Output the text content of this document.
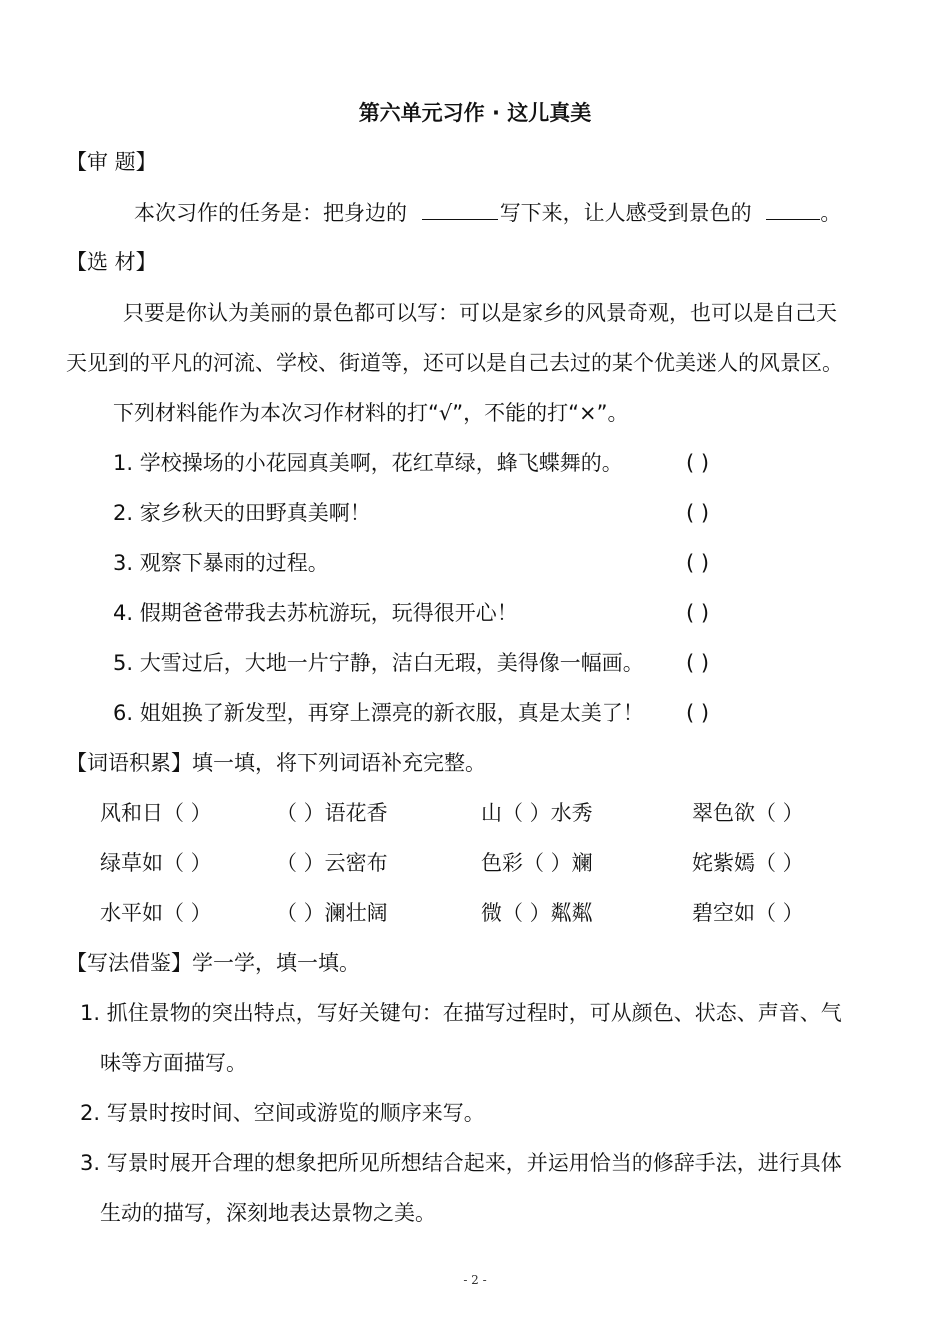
第六单元习作 · 这儿真美
【审 题】
本次习作的任务是：把身边的	写下来，让人感受到景色的	。
【选 材】
只要是你认为美丽的景色都可以写：可以是家乡的风景奇观，也可以是自己天
天见到的平凡的河流、学校、街道等，还可以是自己去过的某个优美迷人的风景区。
下列材料能作为本次习作材料的打“√”，不能的打“×”。
1. 学校操场的小花园真美啊，花红草绿，蜂飞蝶舞的。	( )
2. 家乡秋天的田野真美啊！	( )
3. 观察下暴雨的过程。	( )
4. 假期爸爸带我去苏杭游玩，玩得很开心！	( )
5. 大雪过后，大地一片宁静，洁白无瑕，美得像一幅画。 ( )
6. 姐姐换了新发型，再穿上漂亮的新衣服，真是太美了！ ( )
【词语积累】填一填，将下列词语补充完整。
风和日（ ）	（ ）语花香	山（ ）水秀	翠色欲（ ）
绿草如（ ）	（ ）云密布	色彩（ ）斓	姹紫嫣（ ）
水平如（ ）	（ ）澜壮阔	微（ ）粼粼	碧空如（ ）
【写法借鉴】学一学，填一填。
1. 抓住景物的突出特点，写好关键句：在描写过程时，可从颜色、状态、声音、气
味等方面描写。
2. 写景时按时间、空间或游览的顺序来写。
3. 写景时展开合理的想象把所见所想结合起来，并运用恰当的修辞手法，进行具体
生动的描写，深刻地表达景物之美。
- 2 -
